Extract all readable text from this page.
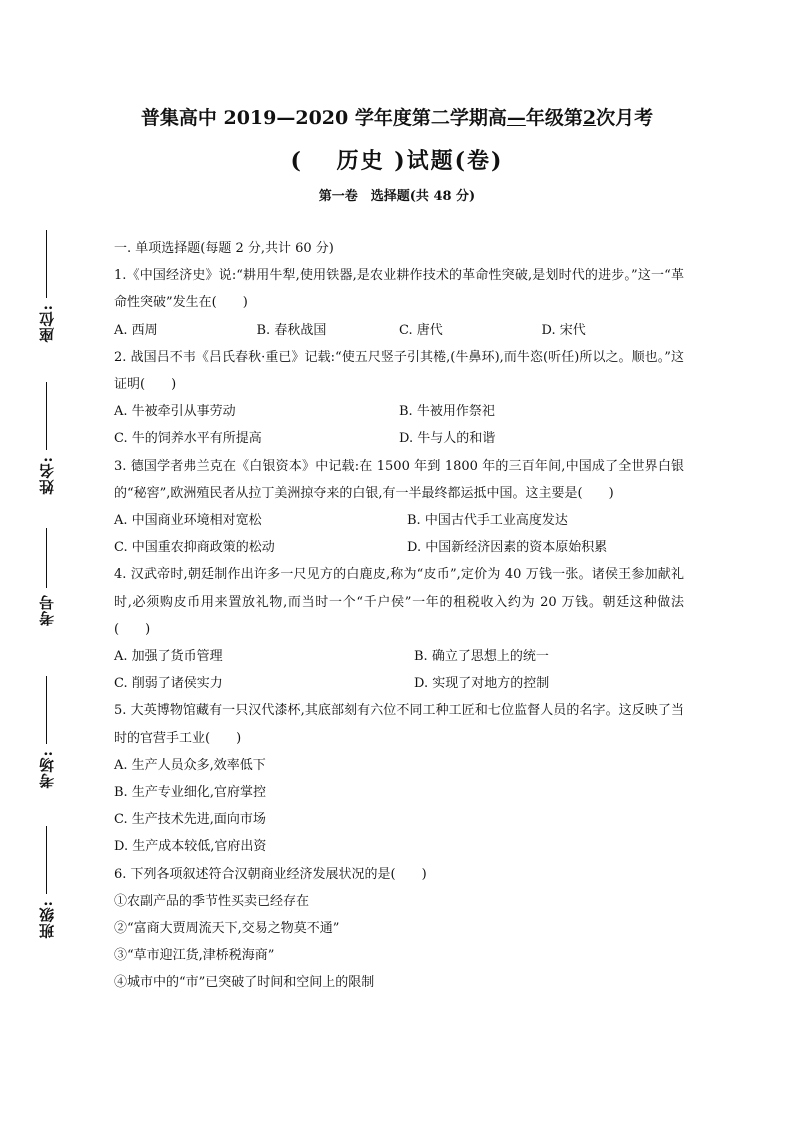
座位:
姓名:
考号
考场:
班级:
普集高中 2019—2020 学年度第二学期高—年级第2次月考
(　 历史 )试题(卷)
第一卷　选择题(共 48 分)
一. 单项选择题(每题 2 分,共计 60 分)
1.《中国经济史》说:“耕用牛犁,使用铁器,是农业耕作技术的革命性突破,是划时代的进步。”这一“革命性突破”发生在(　　)
A. 西周	B. 春秋战国	C. 唐代	D. 宋代
2. 战国吕不韦《吕氏春秋·重已》记载:“使五尺竖子引其棬,(牛鼻环),而牛恣(听任)所以之。顺也。”这证明(　　)
A. 牛被牵引从事劳动	B. 牛被用作祭祀
C. 牛的饲养水平有所提高	D. 牛与人的和谐
3. 德国学者弗兰克在《白银资本》中记载:在 1500 年到 1800 年的三百年间,中国成了全世界白银的“秘窖”,欧洲殖民者从拉丁美洲掠夺来的白银,有一半最终都运抵中国。这主要是(　　)
A. 中国商业环境相对宽松	B. 中国古代手工业高度发达
C. 中国重农抑商政策的松动	D. 中国新经济因素的资本原始积累
4. 汉武帝时,朝廷制作出许多一尺见方的白鹿皮,称为“皮币”,定价为 40 万钱一张。诸侯王参加献礼时,必须购皮币用来置放礼物,而当时一个“千户侯”一年的租税收入约为 20 万钱。朝廷这种做法(　　)
A. 加强了货币管理	B. 确立了思想上的统一
C. 削弱了诸侯实力	D. 实现了对地方的控制
5. 大英博物馆藏有一只汉代漆杯,其底部刻有六位不同工种工匠和七位监督人员的名字。这反映了当时的官营手工业(　　)
A. 生产人员众多,效率低下
B. 生产专业细化,官府掌控
C. 生产技术先进,面向市场
D. 生产成本较低,官府出资
6. 下列各项叙述符合汉朝商业经济发展状况的是(　　)
①农副产品的季节性买卖已经存在
②“富商大贾周流天下,交易之物莫不通”
③“草市迎江货,津桥税海商”
④城市中的“市”已突破了时间和空间上的限制
